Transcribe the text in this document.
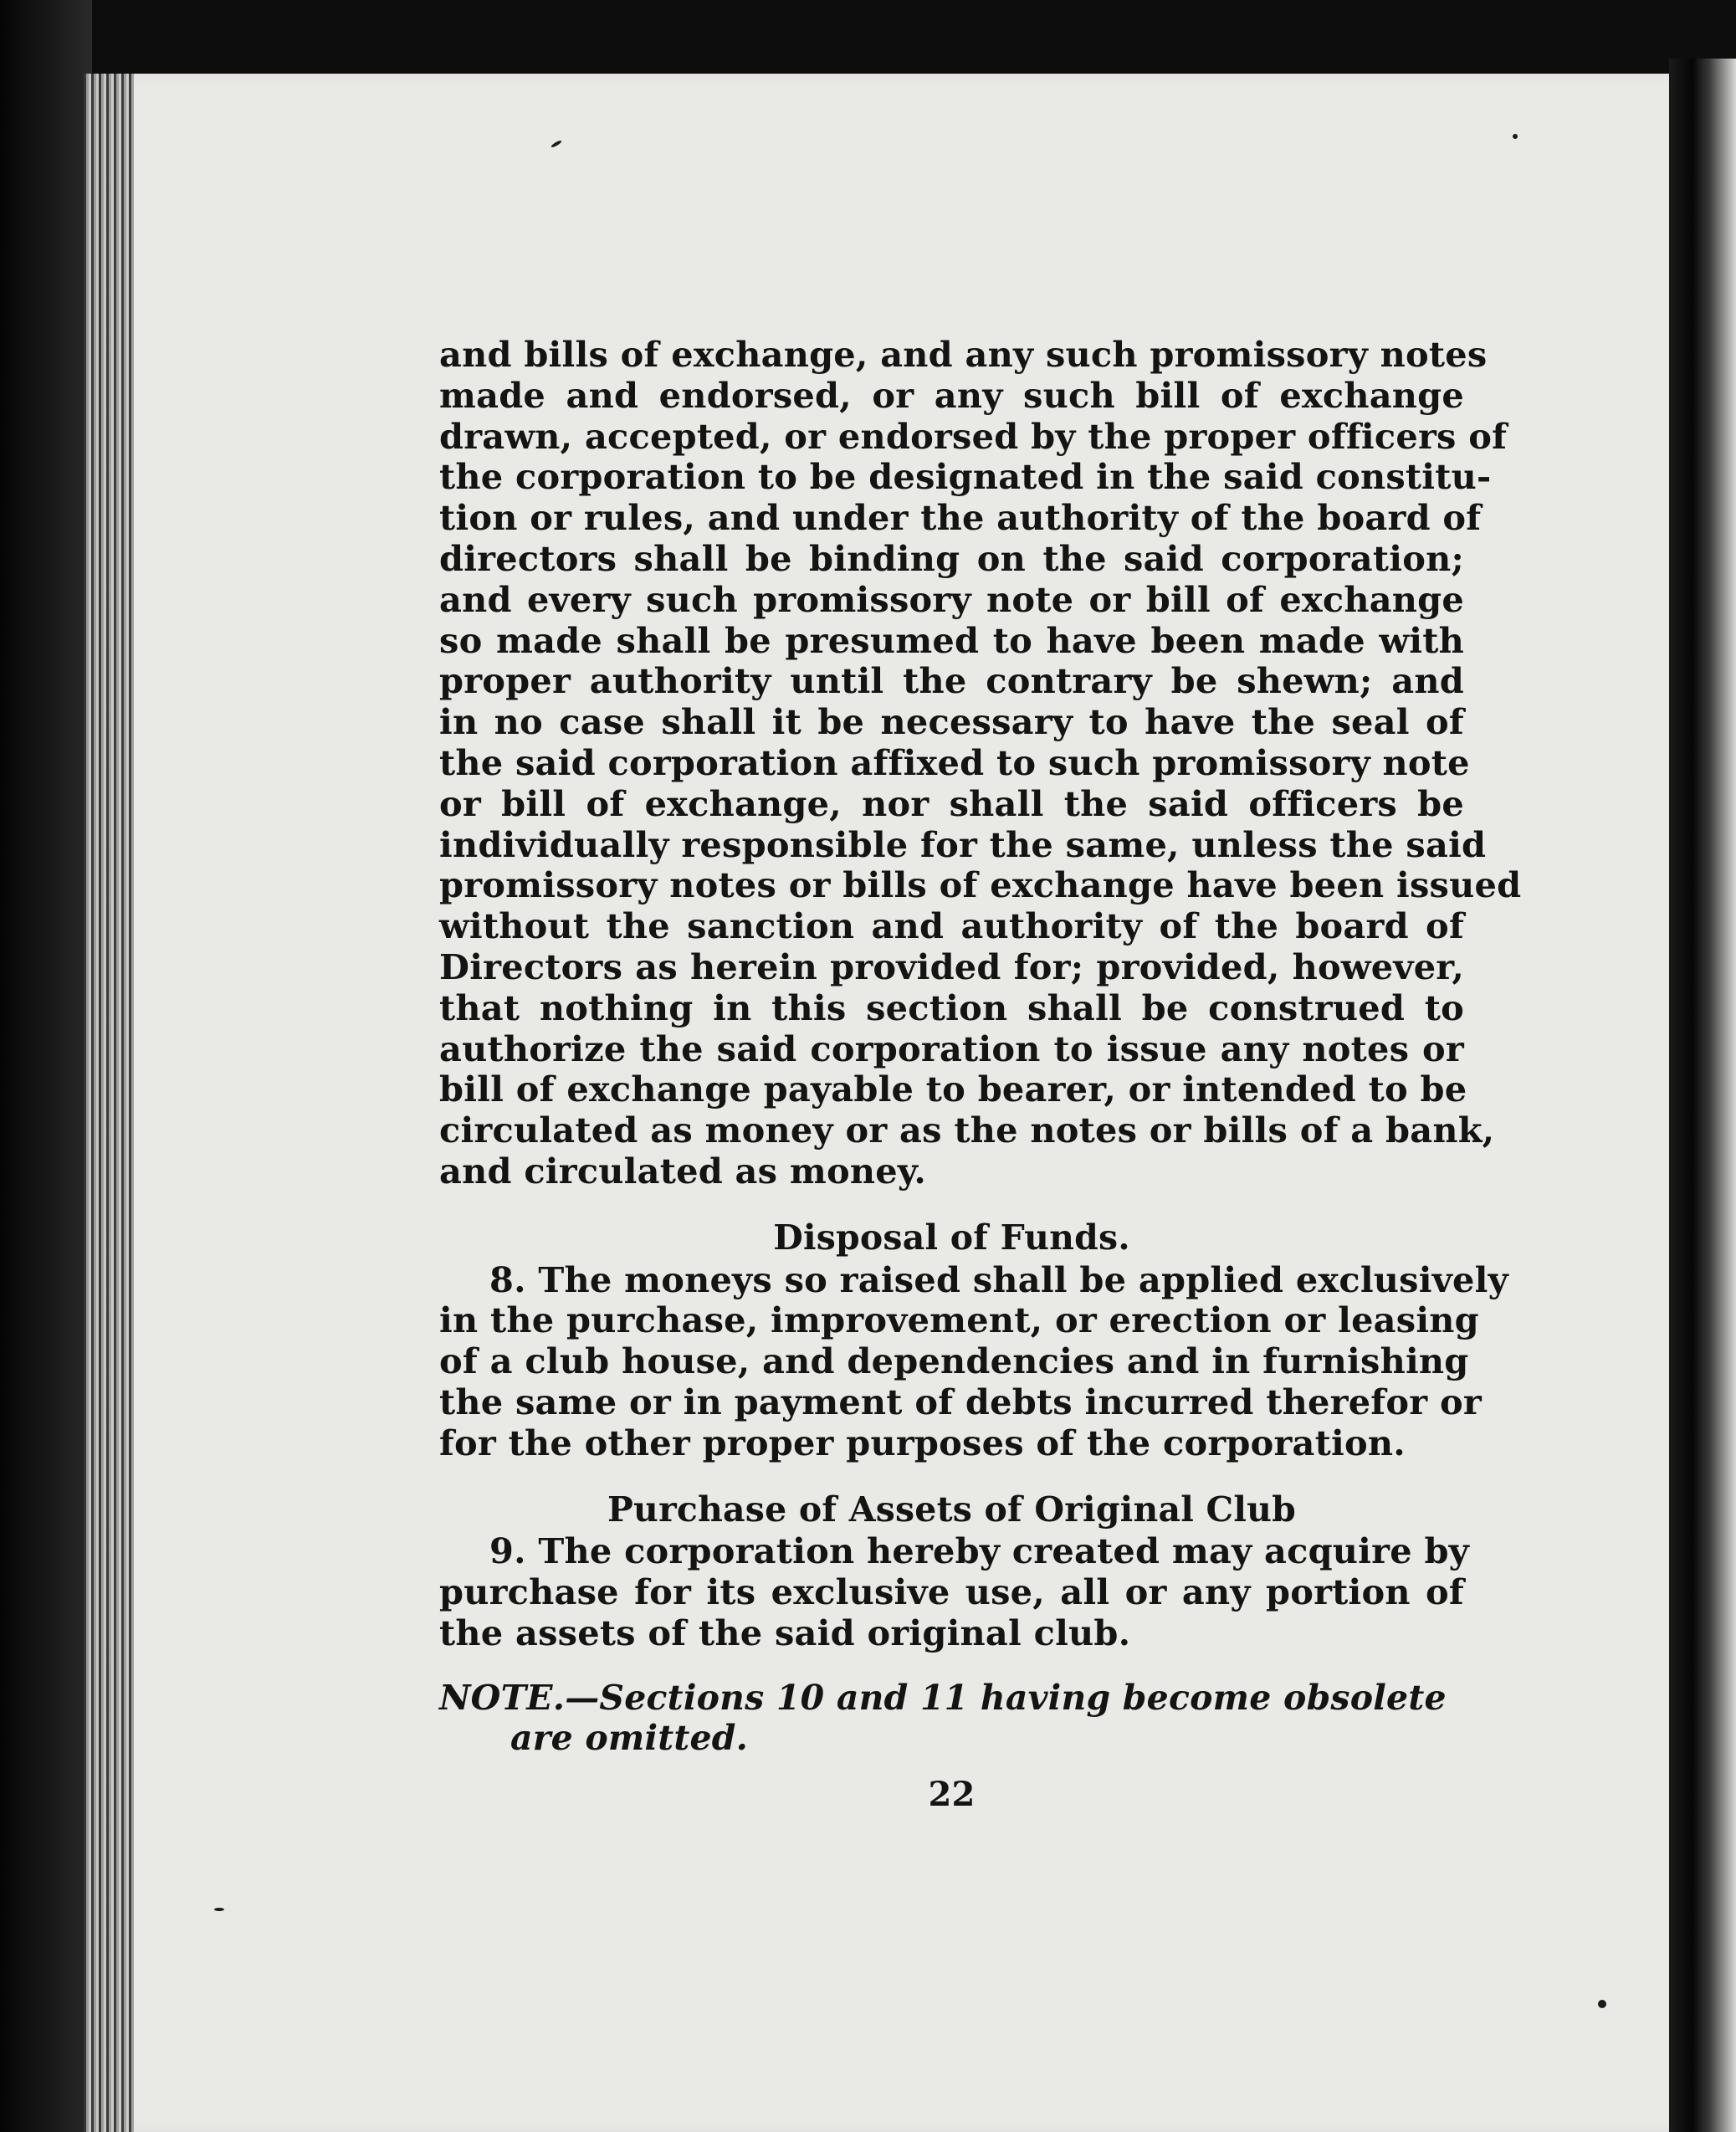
and bills of exchange, and any such promissory notes
made and endorsed, or any such bill of exchange
drawn, accepted, or endorsed by the proper officers of
the corporation to be designated in the said constitu-
tion or rules, and under the authority of the board of
directors shall be binding on the said corporation;
and every such promissory note or bill of exchange
so made shall be presumed to have been made with
proper authority until the contrary be shewn; and
in no case shall it be necessary to have the seal of
the said corporation affixed to such promissory note
or bill of exchange, nor shall the said officers be
individually responsible for the same, unless the said
promissory notes or bills of exchange have been issued
without the sanction and authority of the board of
Directors as herein provided for; provided, however,
that nothing in this section shall be construed to
authorize the said corporation to issue any notes or
bill of exchange payable to bearer, or intended to be
circulated as money or as the notes or bills of a bank,
and circulated as money.
Disposal of Funds.
8. The moneys so raised shall be applied exclusively
in the purchase, improvement, or erection or leasing
of a club house, and dependencies and in furnishing
the same or in payment of debts incurred therefor or
for the other proper purposes of the corporation.
Purchase of Assets of Original Club
9. The corporation hereby created may acquire by
purchase for its exclusive use, all or any portion of
the assets of the said original club.
NOTE.—Sections 10 and 11 having become obsolete
are omitted.
22
